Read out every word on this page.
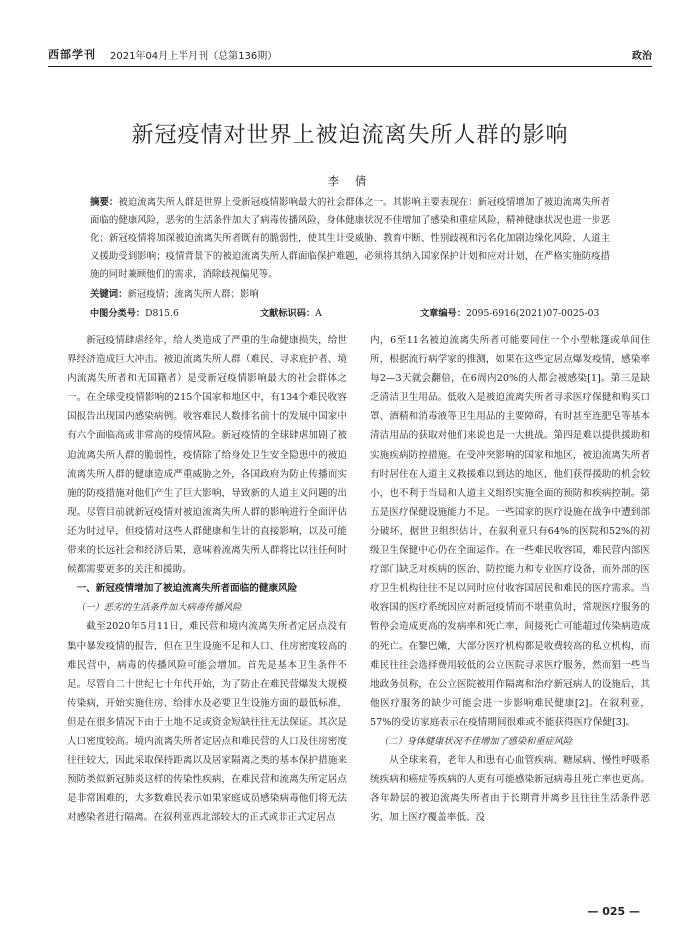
西部学刊 2021年04月上半月刊（总第136期）	政治
新冠疫情对世界上被迫流离失所人群的影响
李 倩
摘要：被迫流离失所人群是世界上受新冠疫情影响最大的社会群体之一。其影响主要表现在：新冠疫情增加了被迫流离失所者面临的健康风险，恶劣的生活条件加大了病毒传播风险，身体健康状况不佳增加了感染和重症风险，精神健康状况也进一步恶化；新冠疫情将加深被迫流离失所者既有的脆弱性，使其生计受威胁、教育中断、性别歧视和污名化加剧边缘化风险、人道主义援助受到影响；疫情背景下的被迫流离失所人群面临保护难题，必须将其纳入国家保护计划和应对计划，在严格实施防疫措施的同时兼顾他们的需求，消除歧视偏见等。
关键词：新冠疫情；流离失所人群；影响
中图分类号：D815.6	文献标识码：A	文章编号：2095-6916(2021)07-0025-03

新冠疫情肆虐经年，给人类造成了严重的生命健康损失，给世界经济造成巨大冲击。被迫流离失所人群（难民、寻求庇护者、境内流离失所者和无国籍者）是受新冠疫情影响最大的社会群体之一。在全球受疫情影响的215个国家和地区中，有134个难民收容国报告出现国内感染病例。收容难民人数排名前十的发展中国家中有六个面临高或非常高的疫情风险。新冠疫情的全球肆虐加剧了被迫流离失所人群的脆弱性，疫情除了给身处卫生安全隐患中的被迫流离失所人群的健康造成严重威胁之外，各国政府为防止传播而实施的防疫措施对他们产生了巨大影响，导致新的人道主义问题的出现。尽管目前就新冠疫情对被迫流离失所人群的影响进行全面评估还为时过早，但疫情对这些人群健康和生计的直接影响，以及可能带来的长远社会和经济后果，意味着流离失所人群将比以往任何时候都需要更多的关注和援助。

一、新冠疫情增加了被迫流离失所者面临的健康风险
（一）恶劣的生活条件加大病毒传播风险

截至2020年5月11日，难民营和境内流离失所者定居点没有集中暴发疫情的报告，但在卫生设施不足和人口、住房密度较高的难民营中，病毒的传播风险可能会增加。首先是基本卫生条件不足。尽管自二十世纪七十年代开始，为了防止在难民营爆发大规模传染病，开始实施住房、给排水及必要卫生设施方面的最低标准，但是在很多情况下由于土地不足或资金短缺往往无法保证。其次是人口密度较高。境内流离失所者定居点和难民营的人口及住房密度往往较大，因此采取保持距离以及居家隔离之类的基本保护措施来预防类似新冠肺炎这样的传染性疾病，在难民营和流离失所定居点是非常困难的，大多数难民表示如果家庭成员感染病毒他们将无法对感染者进行隔离。在叙利亚西北部较大的正式或非正式定居点

内，6至11名被迫流离失所者可能要同住一个小型帐篷或单间住所，根据流行病学家的推测，如果在这些定居点爆发疫情，感染率每2—3天就会翻倍，在6周内20%的人都会被感染[1]。第三是缺乏清洁卫生用品。低收入是被迫流离失所者寻求医疗保健和购买口罩、酒精和消毒液等卫生用品的主要障碍，有时甚至连肥皂等基本清洁用品的获取对他们来说也是一大挑战。第四是难以提供援助和实施疾病防控措施。在受冲突影响的国家和地区，被迫流离失所者有时居住在人道主义救援难以到达的地区，他们获得援助的机会较小，也不利于当局和人道主义组织实施全面的预防和疾病控制。第五是医疗保健设施能力不足。一些国家的医疗设施在战争中遭到部分破坏，据世卫组织估计，在叙利亚只有64%的医院和52%的初级卫生保健中心仍在全面运作。在一些难民收容国，难民营内部医疗部门缺乏对疾病的医治、防控能力和专业医疗设备，而外部的医疗卫生机构往往不足以同时应付收容国居民和难民的医疗需求。当收容国的医疗系统因应对新冠疫情而不堪重负时，常规医疗服务的暂停会造成更高的发病率和死亡率，间接死亡可能超过传染病造成的死亡。在黎巴嫩，大部分医疗机构都是收费较高的私立机构，而难民往往会选择费用较低的公立医院寻求医疗服务，然而猖一些当地政务员称，在公立医院被用作隔离和治疗新冠病人的设施后，其他医疗服务的缺少可能会进一步影响难民健康[2]。在叙利亚，57%的受访家庭表示在疫情期间很难或不能获得医疗保健[3]。

（二）身体健康状况不佳增加了感染和重症风险

从全球来看，老年人和患有心血管疾病、糖尿病、慢性呼吸系统疾病和癌症等疾病的人更有可能感染新冠病毒且死亡率也更高。各年龄层的被迫流离失所者由于长期背井离乡且往往生活条件恶劣，加上医疗覆盖率低、没

— 025 —
